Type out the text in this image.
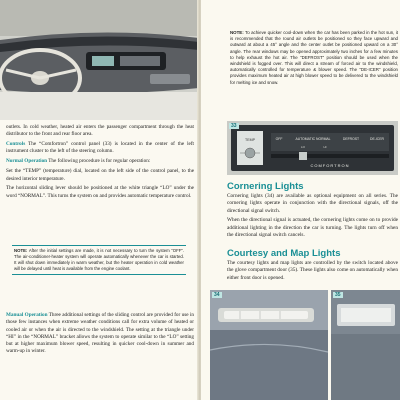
outlets. In cold weather, heated air enters the passenger compartment through the heat distributor to the front and rear floor area.

Controls The “Comfortron” control panel (33) is located in the center of the left instrument cluster to the left of the steering column.

Normal Operation The following procedure is for regular operation:

Set the “TEMP” (temperature) dial, located on the left side of the control panel, to the desired interior temperature.

The horizontal sliding lever should be positioned at the white triangle “LO” under the word “NORMAL”. This turns the system on and provides automatic temperature control.

NOTE: After the initial settings are made, it is not necessary to turn the system “OFF”. The air-conditioner-heater system will operate automatically whenever the car is started. It will shut down immediately in warm weather, but the heater operation in cold weather will be delayed until heat is available from the engine coolant.

Manual Operation Three additional settings of the sliding control are provided for use in those few instances when extreme weather conditions call for extra volume of heated or cooled air or when the air is directed to the windshield. The setting at the triangle under “HI” in the “NORMAL” bracket allows the system to operate similar to the “LO” setting but at higher maximum blower speed, resulting in quicker cool-down in summer and warm-up in winter.

NOTE: To achieve quicker cool-down when the car has been parked in the hot sun, it is recommended that the round air outlets be positioned so they face upward and outward at about a 45° angle and the center outlet be positioned upward on a 30° angle. The rear windows may be opened approximately two inches for a few minutes to help exhaust the hot air. The “DEFROST” position should be used when the windshield is fogged over. This will direct a stream of forced air to the windshield, automatically controlled for temperature & blower speed. The “DE-ICER” position provides maximum heated air at high blower speed to be delivered to the windshield for melting ice and snow.
TEMP	OFF	AUTOMATIC NORMAL	DEFROST	DE-ICER
LO	HI
COMFORTRON
33
Cornering Lights

Cornering lights (34) are available as optional equipment on all series. The cornering lights operate in conjunction with the directional signals, off the directional signal switch.

When the directional signal is actuated, the cornering lights come on to provide additional lighting in the direction the car is turning. The lights turn off when the directional signal switch cancels.

Courtesy and Map Lights

The courtesy lights and map lights are controlled by the switch located above the glove compartment door (35). These lights also come on automatically when either front door is opened.

34	35
